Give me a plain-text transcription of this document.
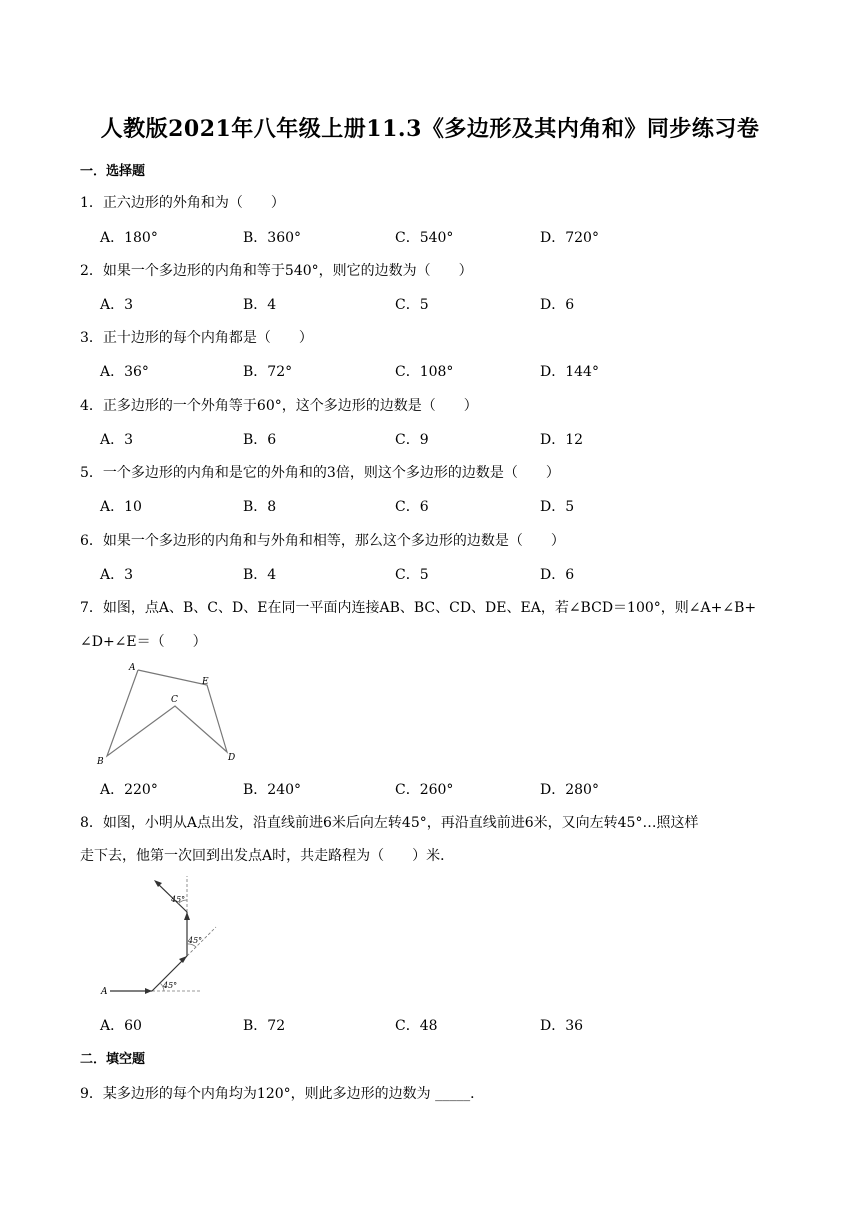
人教版2021年八年级上册11.3《多边形及其内角和》同步练习卷
一．选择题
1．正六边形的外角和为（　　）
A．180°	B．360°	C．540°	D．720°
2．如果一个多边形的内角和等于540°，则它的边数为（　　）
A．3	B．4	C．5	D．6
3．正十边形的每个内角都是（　　）
A．36°	B．72°	C．108°	D．144°
4．正多边形的一个外角等于60°，这个多边形的边数是（　　）
A．3	B．6	C．9	D．12
5．一个多边形的内角和是它的外角和的3倍，则这个多边形的边数是（　　）
A．10	B．8	C．6	D．5
6．如果一个多边形的内角和与外角和相等，那么这个多边形的边数是（　　）
A．3	B．4	C．5	D．6
7．如图，点A、B、C、D、E在同一平面内连接AB、BC、CD、DE、EA，若∠BCD＝100°，则∠A+∠B+
∠D+∠E＝（　　）
A
B
C
D
E
A．220°	B．240°	C．260°	D．280°
8．如图，小明从A点出发，沿直线前进6米后向左转45°，再沿直线前进6米，又向左转45°…照这样
走下去，他第一次回到出发点A时，共走路程为（　　）米．
A
45°
45°
45°
A．60	B．72	C．48	D．36
二．填空题
9．某多边形的每个内角均为120°，则此多边形的边数为 _____．
